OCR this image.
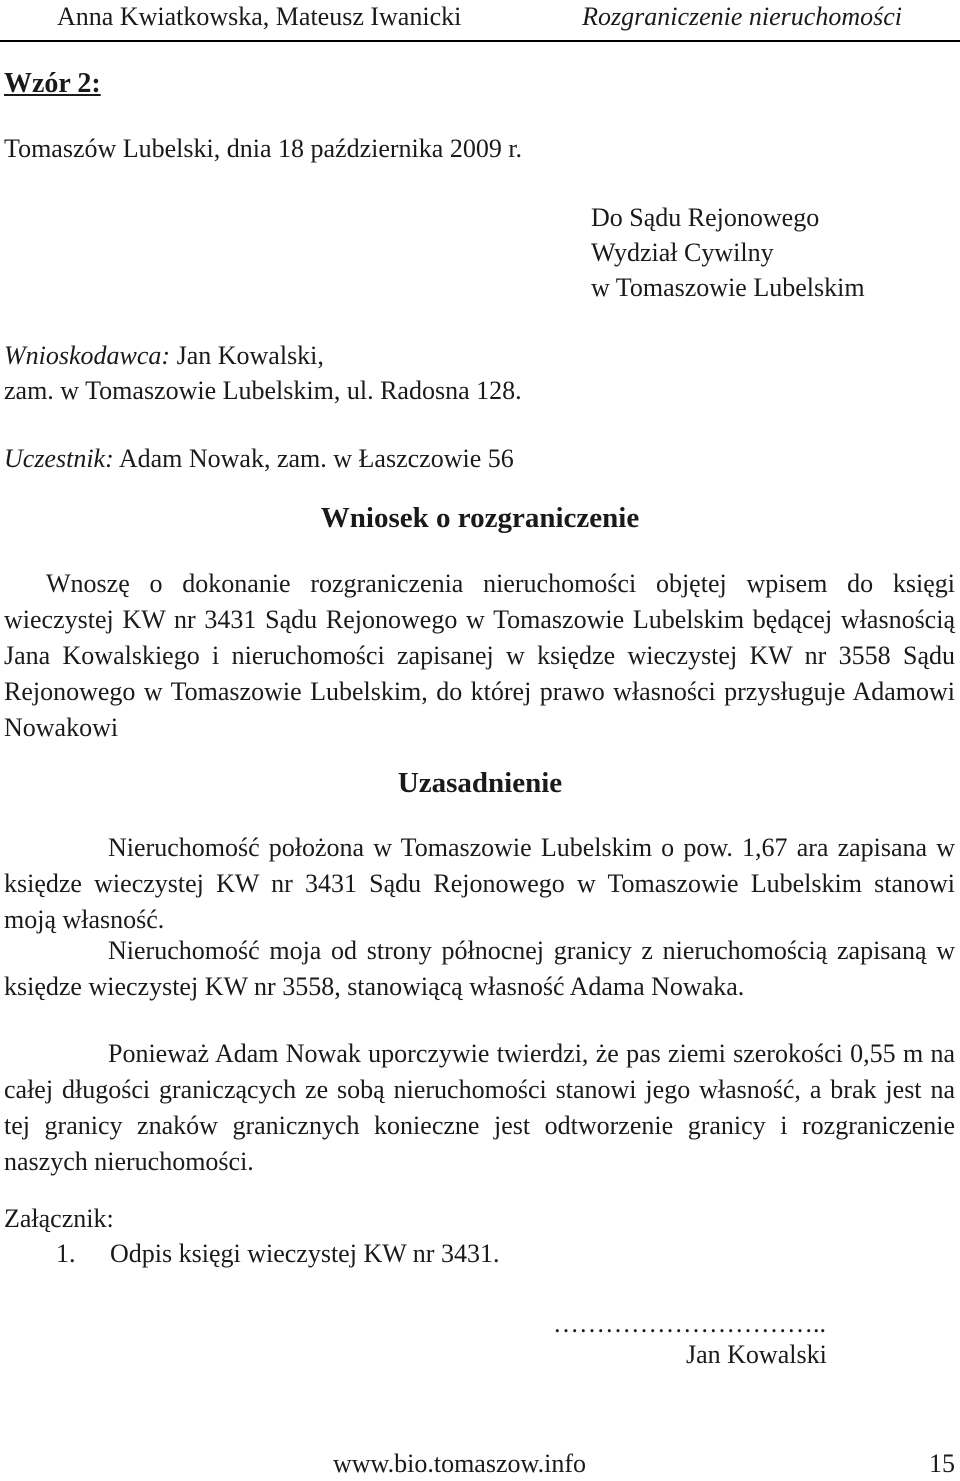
Anna Kwiatkowska, Mateusz Iwanicki	Rozgraniczenie nieruchomości
Wzór 2:
Tomaszów Lubelski, dnia 18 października 2009 r.
Do Sądu Rejonowego
Wydział Cywilny
w Tomaszowie Lubelskim
Wnioskodawca: Jan Kowalski,
zam. w Tomaszowie Lubelskim, ul. Radosna 128.
Uczestnik: Adam Nowak, zam. w Łaszczowie 56
Wniosek o rozgraniczenie
Wnoszę o dokonanie rozgraniczenia nieruchomości objętej wpisem do księgi wieczystej KW nr 3431 Sądu Rejonowego w Tomaszowie Lubelskim będącej własnością Jana Kowalskiego i nieruchomości zapisanej w księdze wieczystej KW nr 3558 Sądu Rejonowego w Tomaszowie Lubelskim, do której prawo własności przysługuje Adamowi Nowakowi
Uzasadnienie
Nieruchomość położona w Tomaszowie Lubelskim o pow. 1,67 ara zapisana w księdze wieczystej KW nr 3431 Sądu Rejonowego w Tomaszowie Lubelskim stanowi moją własność.
Nieruchomość moja od strony północnej granicy z nieruchomością zapisaną w księdze wieczystej KW nr 3558, stanowiącą własność Adama Nowaka.
Ponieważ Adam Nowak uporczywie twierdzi, że pas ziemi szerokości 0,55 m na całej długości graniczących ze sobą nieruchomości stanowi jego własność, a brak jest na tej granicy znaków granicznych konieczne jest odtworzenie granicy i rozgraniczenie naszych nieruchomości.
Załącznik:
1. Odpis księgi wieczystej KW nr 3431.
…………………………..
Jan Kowalski
www.bio.tomaszow.info	15
